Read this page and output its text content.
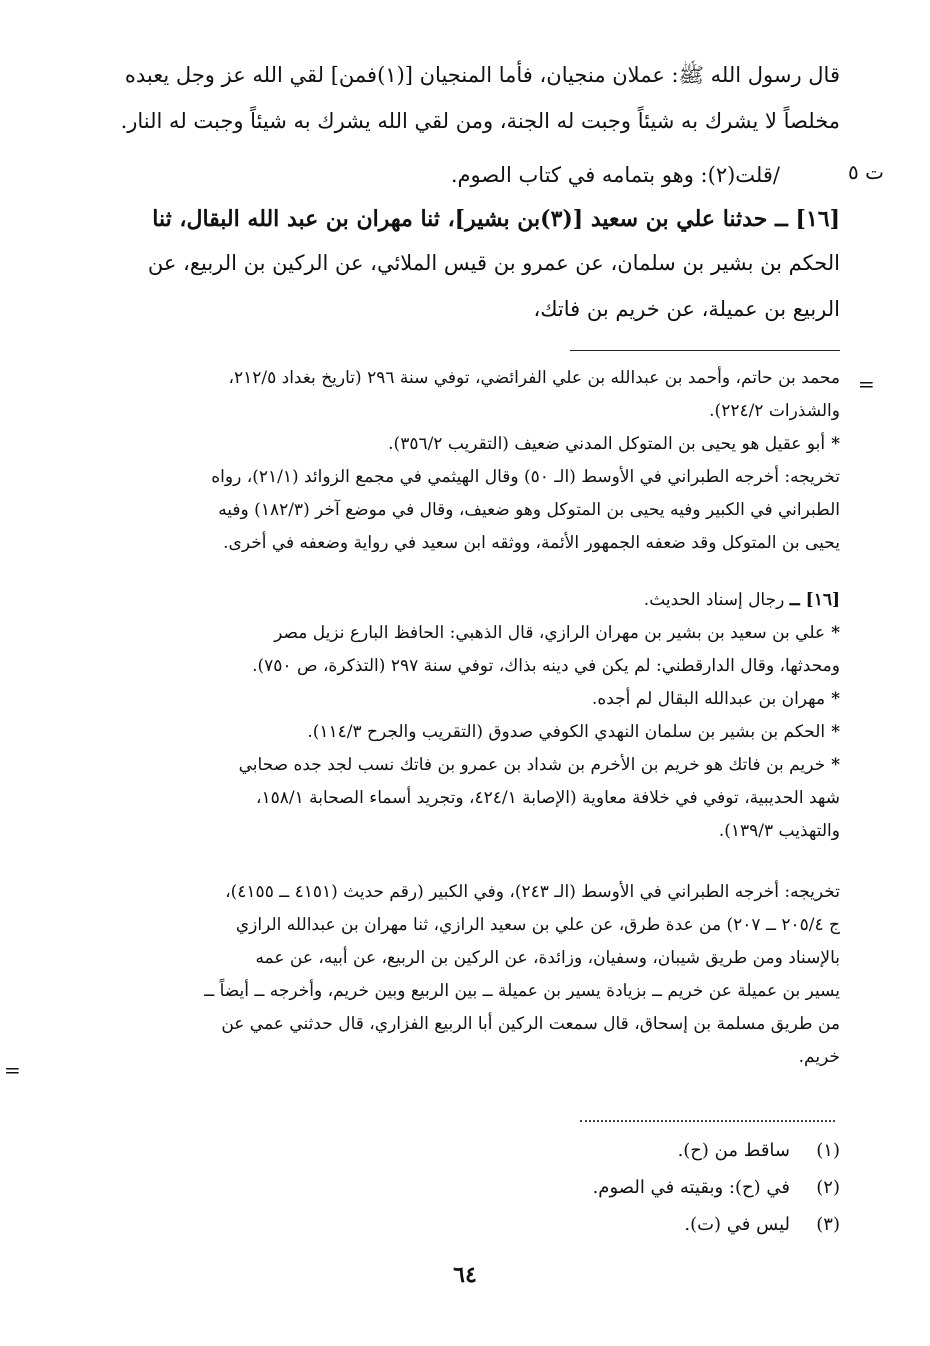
قال رسول الله ﷺ: عملان منجيان، فأما المنجيان [(١)فمن] لقي الله عز وجل يعبده
مخلصاً لا يشرك به شيئاً وجبت له الجنة، ومن لقي الله يشرك به شيئاً وجبت له النار.
ت ٥
/قلت(٢): وهو بتمامه في كتاب الصوم.
[١٦] ــ حدثنا علي بن سعيد [(٣)بن بشير]، ثنا مهران بن عبد الله البقال، ثنا
الحكم بن بشير بن سلمان، عن عمرو بن قيس الملائي، عن الركين بن الربيع، عن
الربيع بن عميلة، عن خريم بن فاتك،
=
محمد بن حاتم، وأحمد بن عبدالله بن علي الفرائضي، توفي سنة ٢٩٦ (تاريخ بغداد ٢١٢/٥،
والشذرات ٢٢٤/٢).
*أبو عقيل هو يحيى بن المتوكل المدني ضعيف (التقريب ٣٥٦/٢).
تخريجه: أخرجه الطبراني في الأوسط (الـ ٥٠) وقال الهيثمي في مجمع الزوائد (٢١/١)، رواه
الطبراني في الكبير وفيه يحيى بن المتوكل وهو ضعيف، وقال في موضع آخر (١٨٢/٣) وفيه
يحيى بن المتوكل وقد ضعفه الجمهور الأئمة، ووثقه ابن سعيد في رواية وضعفه في أخرى.
[١٦] ــ رجال إسناد الحديث.
*علي بن سعيد بن بشير بن مهران الرازي، قال الذهبي: الحافظ البارع نزيل مصر
ومحدثها، وقال الدارقطني: لم يكن في دينه بذاك، توفي سنة ٢٩٧ (التذكرة، ص ٧٥٠).
*مهران بن عبدالله البقال لم أجده.
*الحكم بن بشير بن سلمان النهدي الكوفي صدوق (التقريب والجرح ١١٤/٣).
*خريم بن فاتك هو خريم بن الأخرم بن شداد بن عمرو بن فاتك نسب لجد جده صحابي
شهد الحديبية، توفي في خلافة معاوية (الإصابة ٤٢٤/١، وتجريد أسماء الصحابة ١٥٨/١،
والتهذيب ١٣٩/٣).
تخريجه: أخرجه الطبراني في الأوسط (الـ ٢٤٣)، وفي الكبير (رقم حديث (٤١٥١ ــ ٤١٥٥)،
ج ٢٠٥/٤ ــ ٢٠٧) من عدة طرق، عن علي بن سعيد الرازي، ثنا مهران بن عبدالله الرازي
بالإسناد ومن طريق شيبان، وسفيان، وزائدة، عن الركين بن الربيع، عن أبيه، عن عمه
يسير بن عميلة عن خريم ــ بزيادة يسير بن عميلة ــ بين الربيع وبين خريم، وأخرجه ــ أيضاً ــ
من طريق مسلمة بن إسحاق، قال سمعت الركين أبا الربيع الفزاري، قال حدثني عمي عن
خريم.
=
(١)
ساقط من (ح).
(٢)
في (ح): وبقيته في الصوم.
(٣)
ليس في (ت).
٦٤
